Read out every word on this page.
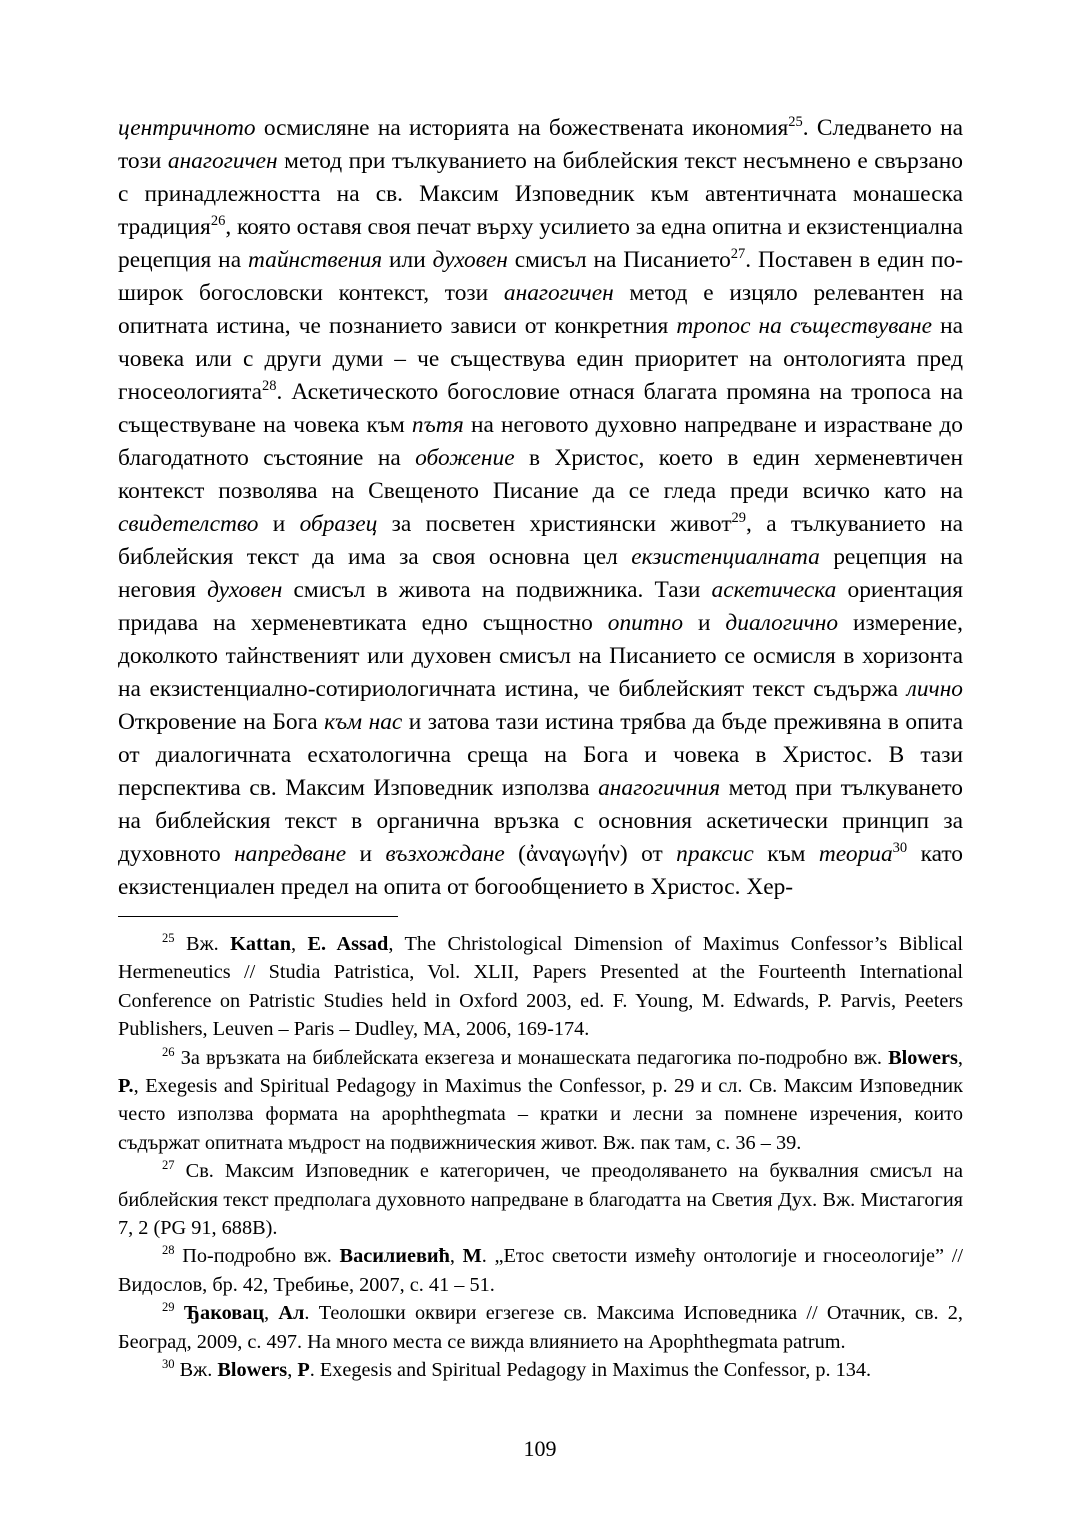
центричното осмисляне на историята на божествената икономия$^{25}$. Следването на този анагогичен метод при тълкуванието на библейския текст несъмнено е свързано с принадлежността на св. Максим Изповедник към автентичната монашеска традиция$^{26}$, която оставя своя печат върху усилието за една опитна и екзистенциална рецепция на тайнствения или духовен смисъл на Писанието$^{27}$. Поставен в един по-широк богословски контекст, този анагогичен метод е изцяло релевантен на опитната истина, че познанието зависи от конкретния тропос на съществуване на човека или с други думи – че съществува един приоритет на онтологията пред гносеологията$^{28}$. Аскетическото богословие отнася благата промяна на тропоса на съществуване на човека към пътя на неговото духовно напредване и израстване до благодатното състояние на обожение в Христос, което в един херменевтичен контекст позволява на Свещеното Писание да се гледа преди всичко като на свидетелство и образец за посветен християнски живот$^{29}$, а тълкуванието на библейския текст да има за своя основна цел екзистенциалната рецепция на неговия духовен смисъл в живота на подвижника. Тази аскетическа ориентация придава на херменевтиката едно същностно опитно и диалогично измерение, доколкото тайнственият или духовен смисъл на Писанието се осмисля в хоризонта на екзистенциално-сотириологичната истина, че библейският текст съдържа лично Откровение на Бога към нас и затова тази истина трябва да бъде преживяна в опита от диалогичната есхатологична среща на Бога и човека в Христос. В тази перспектива св. Максим Изповедник използва анагогичния метод при тълкуването на библейския текст в органична връзка с основния аскетически принцип за духовното напредване и възхождане (ἀναγωγήν) от праксис към теориа$^{30}$ като екзистенциален предел на опита от богообщението в Христос. Хер-

$^{25}$ Вж. Kattan, E. Assad, The Christological Dimension of Maximus Confessor’s Biblical Hermeneutics // Studia Patristica, Vol. XLII, Papers Presented at the Fourteenth International Conference on Patristic Studies held in Oxford 2003, ed. F. Young, M. Edwards, P. Parvis, Peeters Publishers, Leuven – Paris – Dudley, MA, 2006, 169-174.

$^{26}$ За връзката на библейската екзегеза и монашеската педагогика по-подробно вж. Blowers, P., Exegesis and Spiritual Pedagogy in Maximus the Confessor, p. 29 и сл. Св. Максим Изповедник често използва формата на apophthegmata – кратки и лесни за помнене изречения, които съдържат опитната мъдрост на подвижническия живот. Вж. пак там, с. 36 – 39.

$^{27}$ Св. Максим Изповедник е категоричен, че преодоляването на буквалния смисъл на библейския текст предполага духовното напредване в благодатта на Светия Дух. Вж. Мистагогия 7, 2 (PG 91, 688B).

$^{28}$ По-подробно вж. Василиевић, М. „Етос светости измећу онтологије и гносеологије” // Видослов, бр. 42, Требиње, 2007, с. 41 – 51.

$^{29}$ Ђаковац, Ал. Теолошки оквири егзегезе св. Максима Исповедника // Отачник, св. 2, Београд, 2009, с. 497. На много места се вижда влиянието на Apophthegmata patrum.

$^{30}$ Вж. Blowers, P. Exegesis and Spiritual Pedagogy in Maximus the Confessor, p. 134.

109
